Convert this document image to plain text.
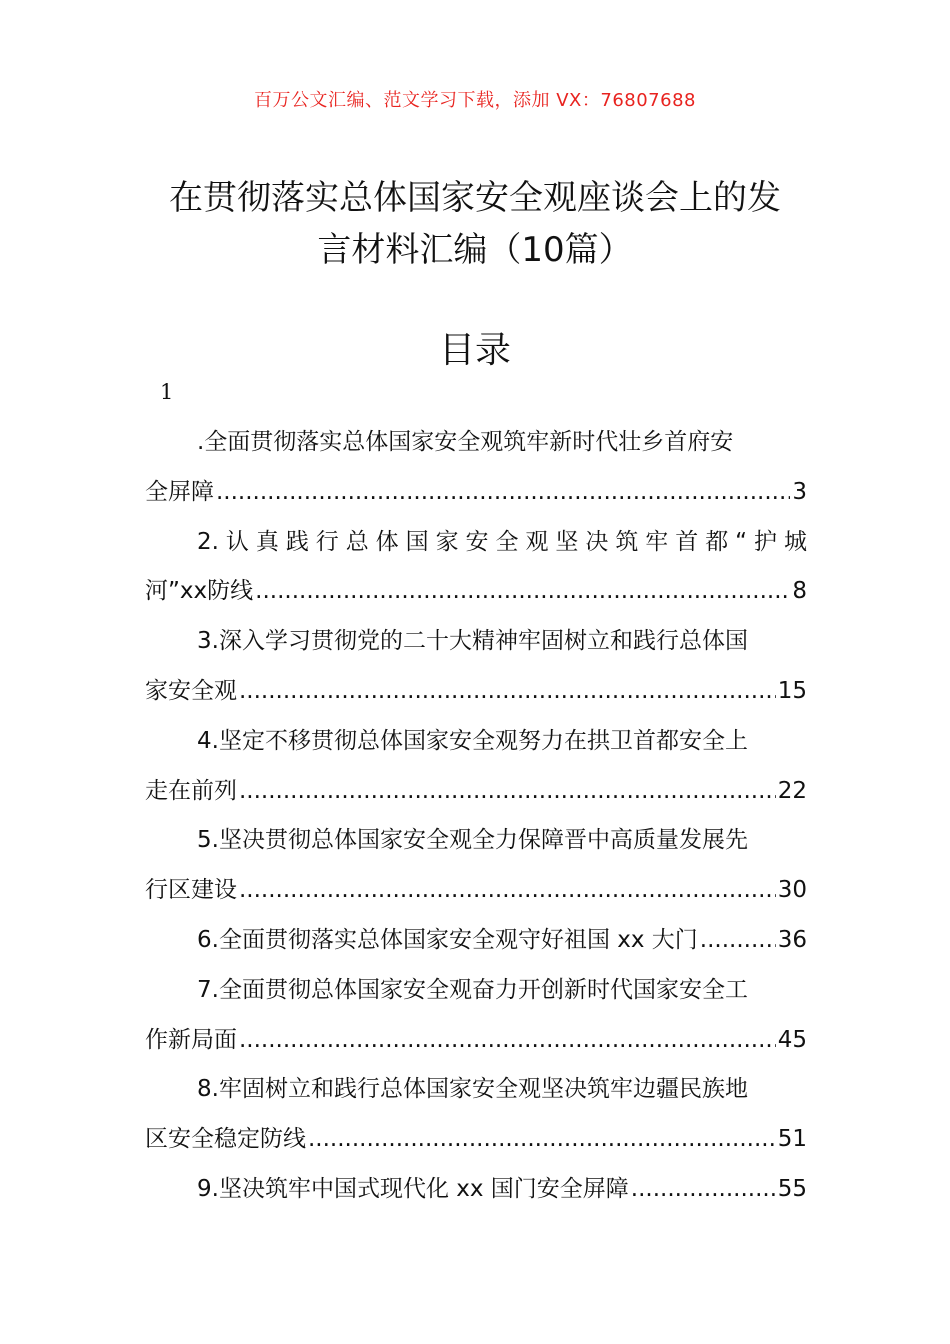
百万公文汇编、范文学习下载，添加 VX：76807688
在贯彻落实总体国家安全观座谈会上的发
言材料汇编（10篇）
目录
1
.全面贯彻落实总体国家安全观筑牢新时代壮乡首府安
全屏障 .....	3
2.认真践行总体国家安全观坚决筑牢首都“护城
河”xx防线 .....	8
3.深入学习贯彻党的二十大精神牢固树立和践行总体国
家安全观 .....	15
4.坚定不移贯彻总体国家安全观努力在拱卫首都安全上
走在前列 .....	22
5.坚决贯彻总体国家安全观全力保障晋中高质量发展先
行区建设 .....	30
6.全面贯彻落实总体国家安全观守好祖国 xx 大门 .....	36
7.全面贯彻总体国家安全观奋力开创新时代国家安全工
作新局面 .....	45
8.牢固树立和践行总体国家安全观坚决筑牢边疆民族地
区安全稳定防线 .....	51
9.坚决筑牢中国式现代化 xx 国门安全屏障 .....	55
